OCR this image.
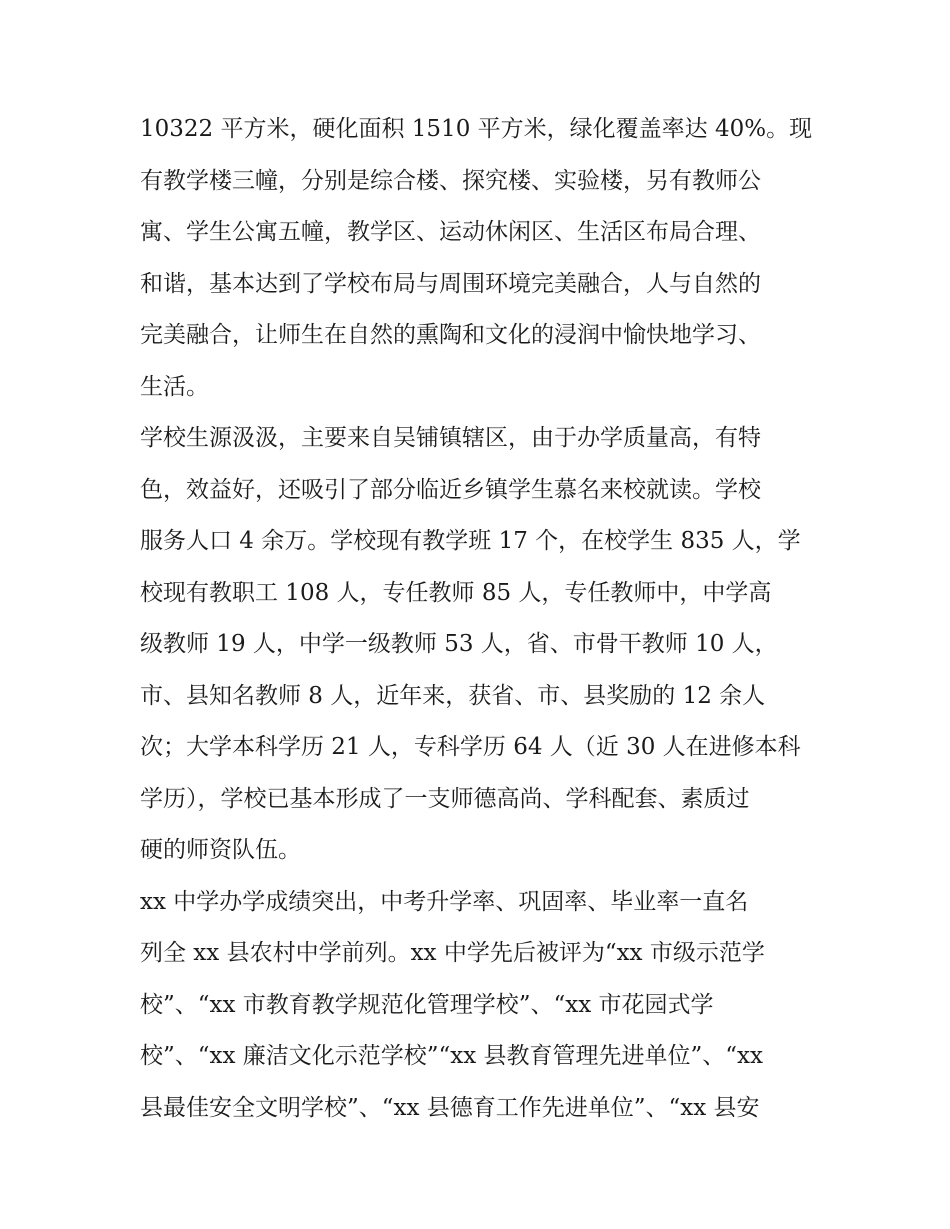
10322 平方米，硬化面积 1510 平方米，绿化覆盖率达 40%。现
有教学楼三幢，分别是综合楼、探究楼、实验楼，另有教师公
寓、学生公寓五幢，教学区、运动休闲区、生活区布局合理、
和谐，基本达到了学校布局与周围环境完美融合，人与自然的
完美融合，让师生在自然的熏陶和文化的浸润中愉快地学习、
生活。
学校生源汲汲，主要来自吴铺镇辖区，由于办学质量高，有特
色，效益好，还吸引了部分临近乡镇学生慕名来校就读。学校
服务人口 4 余万。学校现有教学班 17 个，在校学生 835 人，学
校现有教职工 108 人，专任教师 85 人，专任教师中，中学高
级教师 19 人，中学一级教师 53 人，省、市骨干教师 10 人，
市、县知名教师 8 人，近年来，获省、市、县奖励的 12 余人
次；大学本科学历 21 人，专科学历 64 人（近 30 人在进修本科
学历），学校已基本形成了一支师德高尚、学科配套、素质过
硬的师资队伍。
xx 中学办学成绩突出，中考升学率、巩固率、毕业率一直名
列全 xx 县农村中学前列。xx 中学先后被评为“xx 市级示范学
校”、“xx 市教育教学规范化管理学校”、“xx 市花园式学
校”、“xx 廉洁文化示范学校”“xx 县教育管理先进单位”、“xx
县最佳安全文明学校”、“xx 县德育工作先进单位”、“xx 县安
